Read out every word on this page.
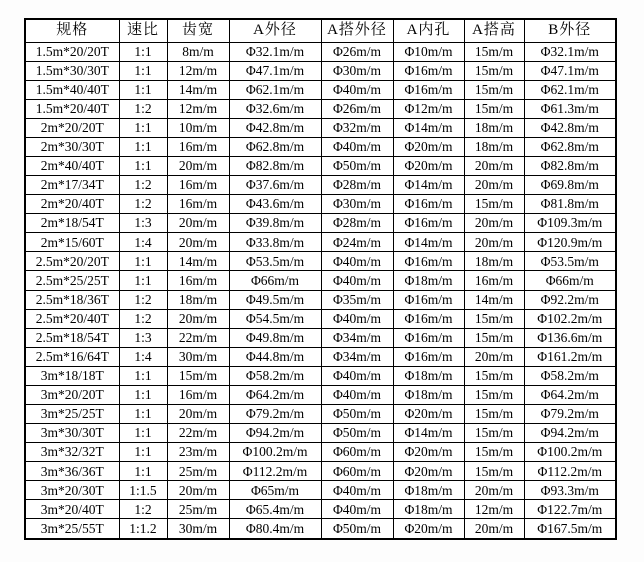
规格	速比	齿宽	A外径	A搭外径	A内孔	A搭高	B外径
1.5m*20/20T	1:1	8m/m	Φ32.1m/m	Φ26m/m	Φ10m/m	15m/m	Φ32.1m/m
1.5m*30/30T	1:1	12m/m	Φ47.1m/m	Φ30m/m	Φ16m/m	15m/m	Φ47.1m/m
1.5m*40/40T	1:1	14m/m	Φ62.1m/m	Φ40m/m	Φ16m/m	15m/m	Φ62.1m/m
1.5m*20/40T	1:2	12m/m	Φ32.6m/m	Φ26m/m	Φ12m/m	15m/m	Φ61.3m/m
2m*20/20T	1:1	10m/m	Φ42.8m/m	Φ32m/m	Φ14m/m	18m/m	Φ42.8m/m
2m*30/30T	1:1	16m/m	Φ62.8m/m	Φ40m/m	Φ20m/m	18m/m	Φ62.8m/m
2m*40/40T	1:1	20m/m	Φ82.8m/m	Φ50m/m	Φ20m/m	20m/m	Φ82.8m/m
2m*17/34T	1:2	16m/m	Φ37.6m/m	Φ28m/m	Φ14m/m	20m/m	Φ69.8m/m
2m*20/40T	1:2	16m/m	Φ43.6m/m	Φ30m/m	Φ16m/m	15m/m	Φ81.8m/m
2m*18/54T	1:3	20m/m	Φ39.8m/m	Φ28m/m	Φ16m/m	20m/m	Φ109.3m/m
2m*15/60T	1:4	20m/m	Φ33.8m/m	Φ24m/m	Φ14m/m	20m/m	Φ120.9m/m
2.5m*20/20T	1:1	14m/m	Φ53.5m/m	Φ40m/m	Φ16m/m	18m/m	Φ53.5m/m
2.5m*25/25T	1:1	16m/m	Φ66m/m	Φ40m/m	Φ18m/m	16m/m	Φ66m/m
2.5m*18/36T	1:2	18m/m	Φ49.5m/m	Φ35m/m	Φ16m/m	14m/m	Φ92.2m/m
2.5m*20/40T	1:2	20m/m	Φ54.5m/m	Φ40m/m	Φ16m/m	15m/m	Φ102.2m/m
2.5m*18/54T	1:3	22m/m	Φ49.8m/m	Φ34m/m	Φ16m/m	15m/m	Φ136.6m/m
2.5m*16/64T	1:4	30m/m	Φ44.8m/m	Φ34m/m	Φ16m/m	20m/m	Φ161.2m/m
3m*18/18T	1:1	15m/m	Φ58.2m/m	Φ40m/m	Φ18m/m	15m/m	Φ58.2m/m
3m*20/20T	1:1	16m/m	Φ64.2m/m	Φ40m/m	Φ18m/m	15m/m	Φ64.2m/m
3m*25/25T	1:1	20m/m	Φ79.2m/m	Φ50m/m	Φ20m/m	15m/m	Φ79.2m/m
3m*30/30T	1:1	22m/m	Φ94.2m/m	Φ50m/m	Φ14m/m	15m/m	Φ94.2m/m
3m*32/32T	1:1	23m/m	Φ100.2m/m	Φ60m/m	Φ20m/m	15m/m	Φ100.2m/m
3m*36/36T	1:1	25m/m	Φ112.2m/m	Φ60m/m	Φ20m/m	15m/m	Φ112.2m/m
3m*20/30T	1:1.5	20m/m	Φ65m/m	Φ40m/m	Φ18m/m	20m/m	Φ93.3m/m
3m*20/40T	1:2	25m/m	Φ65.4m/m	Φ40m/m	Φ18m/m	12m/m	Φ122.7m/m
3m*25/55T	1:1.2	30m/m	Φ80.4m/m	Φ50m/m	Φ20m/m	20m/m	Φ167.5m/m
